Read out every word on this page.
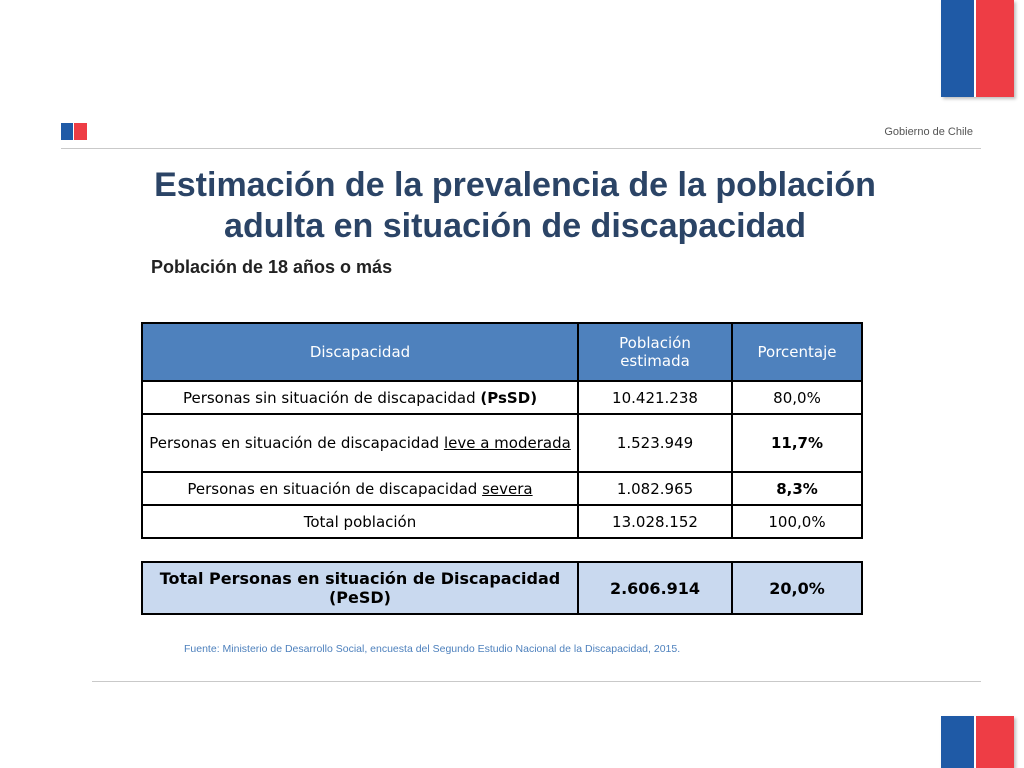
Gobierno de Chile
Estimación de la prevalencia de la población
adulta en situación de discapacidad
Población de 18 años o más
Discapacidad	Población estimada	Porcentaje
Personas sin situación de discapacidad (PsSD)	10.421.238	80,0%
Personas en situación de discapacidad leve a moderada	1.523.949	11,7%
Personas en situación de discapacidad severa	1.082.965	8,3%
Total población	13.028.152	100,0%
Total Personas en situación de Discapacidad (PeSD)	2.606.914	20,0%
Fuente: Ministerio de Desarrollo Social, encuesta del Segundo Estudio Nacional de la Discapacidad, 2015.
